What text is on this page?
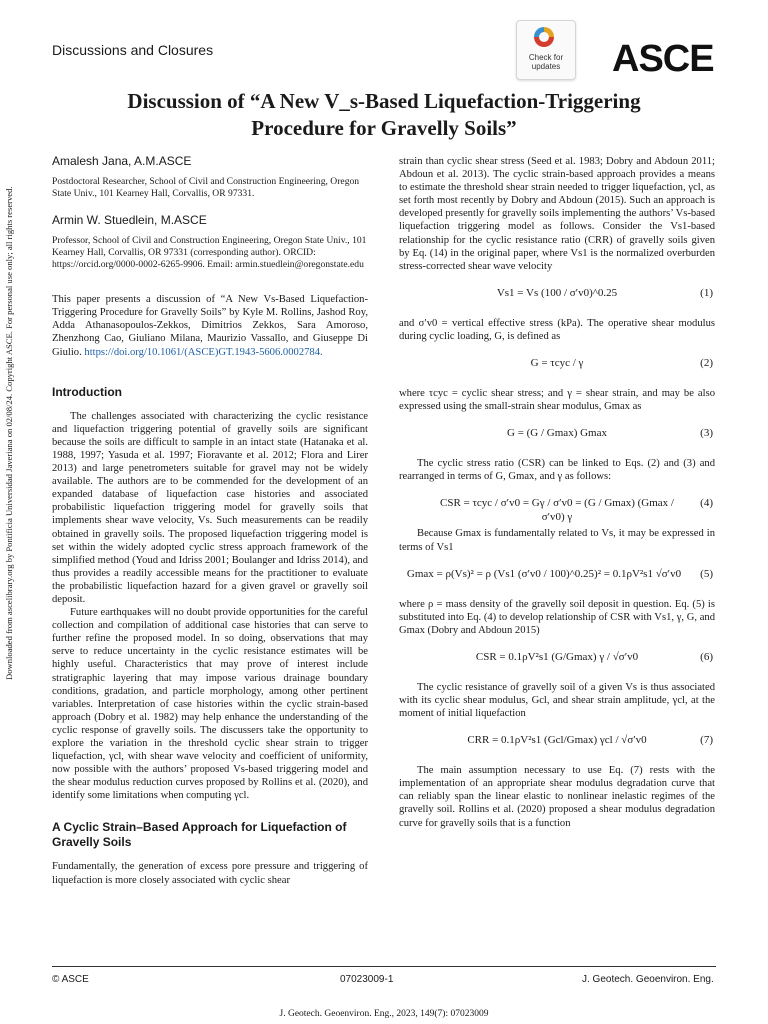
Discussions and Closures	Check for updates	ASCE
Discussion of “A New V_s-Based Liquefaction-Triggering
Procedure for Gravelly Soils”
Amalesh Jana, A.M.ASCE
Postdoctoral Researcher, School of Civil and Construction Engineering, Oregon State Univ., 101 Kearney Hall, Corvallis, OR 97331.
Armin W. Stuedlein, M.ASCE
Professor, School of Civil and Construction Engineering, Oregon State Univ., 101 Kearney Hall, Corvallis, OR 97331 (corresponding author). ORCID: https://orcid.org/0000-0002-6265-9906. Email: armin.stuedlein@oregonstate.edu

This paper presents a discussion of “A New Vs-Based Liquefaction-Triggering Procedure for Gravelly Soils” by Kyle M. Rollins, Jashod Roy, Adda Athanasopoulos-Zekkos, Dimitrios Zekkos, Sara Amoroso, Zhenzhong Cao, Giuliano Milana, Maurizio Vassallo, and Giuseppe Di Giulio. https://doi.org/10.1061/(ASCE)GT.1943-5606.0002784.

Introduction

The challenges associated with characterizing the cyclic resistance and liquefaction triggering potential of gravelly soils are significant because the soils are difficult to sample in an intact state (Hatanaka et al. 1988, 1997; Yasuda et al. 1997; Fioravante et al. 2012; Flora and Lirer 2013) and large penetrometers suitable for gravel may not be widely available. The authors are to be commended for the development of an expanded database of liquefaction case histories and associated probabilistic liquefaction triggering model for gravelly soils that implements shear wave velocity, Vs. Such measurements can be readily obtained in gravelly soils. The proposed liquefaction triggering model is set within the widely adopted cyclic stress approach framework of the simplified method (Youd and Idriss 2001; Boulanger and Idriss 2014), and thus provides a readily accessible means for the practitioner to evaluate the probabilistic liquefaction hazard for a given gravel or gravelly soil deposit.

Future earthquakes will no doubt provide opportunities for the careful collection and compilation of additional case histories that can serve to further refine the proposed model. In so doing, observations that may serve to reduce uncertainty in the cyclic resistance estimates will be highly useful. Characteristics that may prove of interest include stratigraphic layering that may impose various drainage boundary conditions, gradation, and particle morphology, among other pertinent variables. Interpretation of case histories within the cyclic strain-based approach (Dobry et al. 1982) may help enhance the understanding of the cyclic response of gravelly soils. The discussers take the opportunity to explore the variation in the threshold cyclic shear strain to trigger liquefaction, γcl, with shear wave velocity and coefficient of uniformity, now possible with the authors’ proposed Vs-based triggering model and the shear modulus reduction curves proposed by Rollins et al. (2020), and identify some limitations when computing γcl.

A Cyclic Strain–Based Approach for Liquefaction of Gravelly Soils

Fundamentally, the generation of excess pore pressure and triggering of liquefaction is more closely associated with cyclic shear

strain than cyclic shear stress (Seed et al. 1983; Dobry and Abdoun 2011; Abdoun et al. 2013). The cyclic strain-based approach provides a means to estimate the threshold shear strain needed to trigger liquefaction, γcl, as set forth most recently by Dobry and Abdoun (2015). Such an approach is developed presently for gravelly soils implementing the authors’ Vs-based liquefaction triggering model as follows. Consider the Vs1-based relationship for the cyclic resistance ratio (CRR) of gravelly soils given by Eq. (14) in the original paper, where Vs1 is the normalized overburden stress-corrected shear wave velocity

Vs1 = Vs (100 / σ′v0)^0.25	(1)

and σ′v0 = vertical effective stress (kPa). The operative shear modulus during cyclic loading, G, is defined as

G = τcyc / γ	(2)

where τcyc = cyclic shear stress; and γ = shear strain, and may be also expressed using the small-strain shear modulus, Gmax as

G = (G / Gmax) Gmax	(3)

The cyclic stress ratio (CSR) can be linked to Eqs. (2) and (3) and rearranged in terms of G, Gmax, and γ as follows:

CSR = τcyc / σ′v0 = Gγ / σ′v0 = (G / Gmax) (Gmax / σ′v0) γ
(4)

Because Gmax is fundamentally related to Vs, it may be expressed in terms of Vs1

Gmax = ρ(Vs)² = ρ (Vs1 (σ′v0 / 100)^0.25)² = 0.1ρV²s1 √σ′v0	(5)

where ρ = mass density of the gravelly soil deposit in question. Eq. (5) is substituted into Eq. (4) to develop relationship of CSR with Vs1, γ, G, and Gmax (Dobry and Abdoun 2015)

CSR = 0.1ρV²s1 (G/Gmax) γ / √σ′v0	(6)

The cyclic resistance of gravelly soil of a given Vs is thus associated with its cyclic shear modulus, Gcl, and shear strain amplitude, γcl, at the moment of initial liquefaction

CRR = 0.1ρV²s1 (Gcl/Gmax) γcl / √σ′v0	(7)

The main assumption necessary to use Eq. (7) rests with the implementation of an appropriate shear modulus degradation curve that can reliably span the linear elastic to nonlinear inelastic regimes of the gravelly soil. Rollins et al. (2020) proposed a shear modulus degradation curve for gravelly soils that is a function

Downloaded from ascelibrary.org by Pontificia Universidad Javeriana on 02/08/24. Copyright ASCE. For personal use only; all rights reserved.
© ASCE	07023009-1	J. Geotech. Geoenviron. Eng.
J. Geotech. Geoenviron. Eng., 2023, 149(7): 07023009
